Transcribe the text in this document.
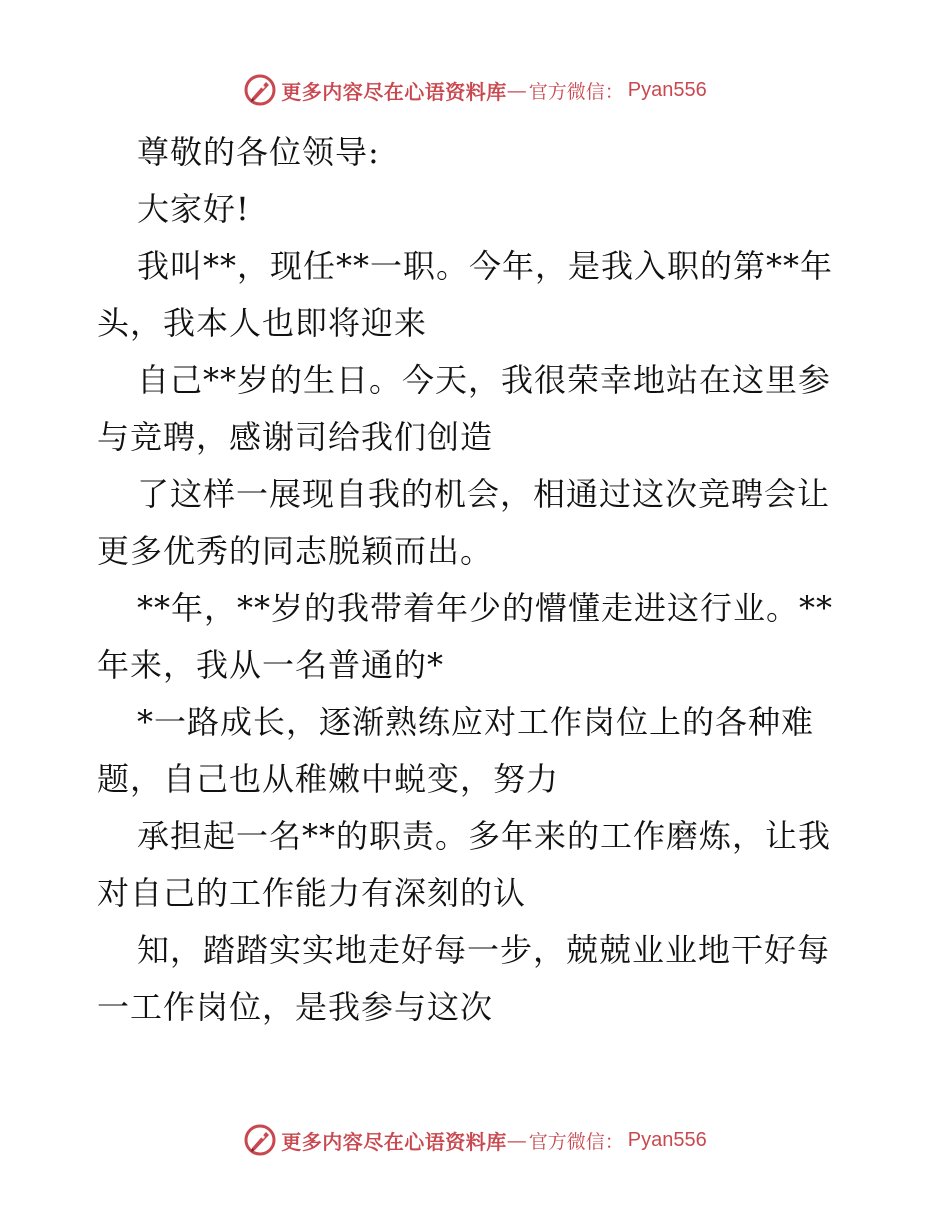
更多内容尽在心语资料库 — 官方微信： Pyan556
尊敬的各位领导:
大家好!
我叫**，现任**一职。今年，是我入职的第**年
头，我本人也即将迎来
自己**岁的生日。今天，我很荣幸地站在这里参
与竞聘，感谢司给我们创造
了这样一展现自我的机会，相通过这次竞聘会让
更多优秀的同志脱颖而出。
**年，**岁的我带着年少的懵懂走进这行业。**
年来，我从一名普通的*
*一路成长，逐渐熟练应对工作岗位上的各种难
题，自己也从稚嫩中蜕变，努力
承担起一名**的职责。多年来的工作磨炼，让我
对自己的工作能力有深刻的认
知，踏踏实实地走好每一步，兢兢业业地干好每
一工作岗位，是我参与这次
更多内容尽在心语资料库 — 官方微信： Pyan556
